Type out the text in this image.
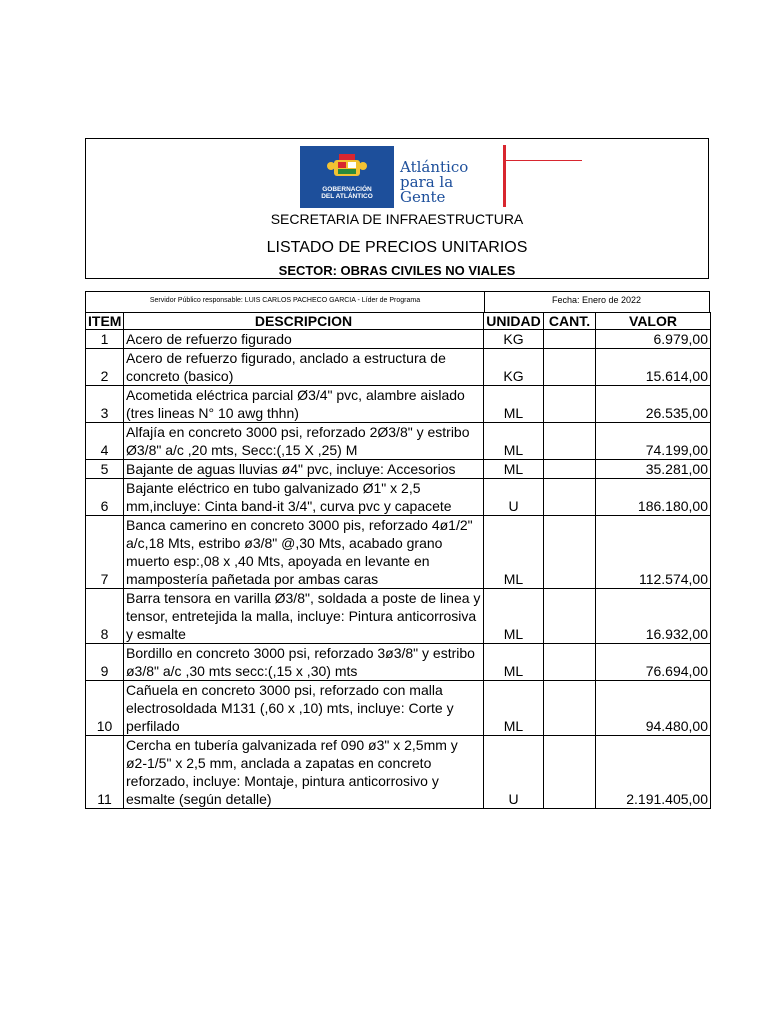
GOBERNACIÓN
DEL ATLÁNTICO
Atlántico
para la
Gente
SECRETARIA DE INFRAESTRUCTURA
LISTADO DE PRECIOS UNITARIOS
SECTOR: OBRAS CIVILES NO VIALES
Servidor Público responsable: LUIS CARLOS PACHECO GARCIA - Líder de Programa	Fecha: Enero de 2022
ITEM	DESCRIPCION	UNIDAD	CANT.	VALOR
1	Acero de refuerzo figurado	KG		6.979,00
2	Acero de refuerzo figurado, anclado a estructura de concreto (basico)	KG		15.614,00
3	Acometida eléctrica parcial Ø3/4" pvc, alambre aislado (tres lineas N° 10 awg thhn)	ML		26.535,00
4	Alfajía en concreto 3000 psi, reforzado 2Ø3/8" y estribo Ø3/8" a/c ,20 mts, Secc:(,15 X ,25) M	ML		74.199,00
5	Bajante de aguas lluvias ø4" pvc, incluye: Accesorios	ML		35.281,00
6	Bajante eléctrico en tubo galvanizado Ø1" x 2,5 mm,incluye: Cinta band-it 3/4", curva pvc y capacete	U		186.180,00
7	Banca camerino en concreto 3000 pis, reforzado 4ø1/2" a/c,18 Mts, estribo ø3/8" @,30 Mts, acabado grano muerto esp:,08 x ,40 Mts, apoyada en levante en mampostería pañetada por ambas caras	ML		112.574,00
8	Barra tensora en varilla Ø3/8", soldada a poste de linea y tensor, entretejida la malla, incluye: Pintura anticorrosiva y esmalte	ML		16.932,00
9	Bordillo en concreto 3000 psi, reforzado 3ø3/8" y estribo ø3/8" a/c ,30 mts secc:(,15 x ,30) mts	ML		76.694,00
10	Cañuela en concreto 3000 psi, reforzado con malla electrosoldada M131 (,60 x ,10) mts, incluye: Corte y perfilado	ML		94.480,00
11	Cercha en tubería galvanizada ref 090 ø3" x 2,5mm y ø2-1/5" x 2,5 mm, anclada a zapatas en concreto reforzado, incluye: Montaje, pintura anticorrosivo y esmalte (según detalle)	U		2.191.405,00
